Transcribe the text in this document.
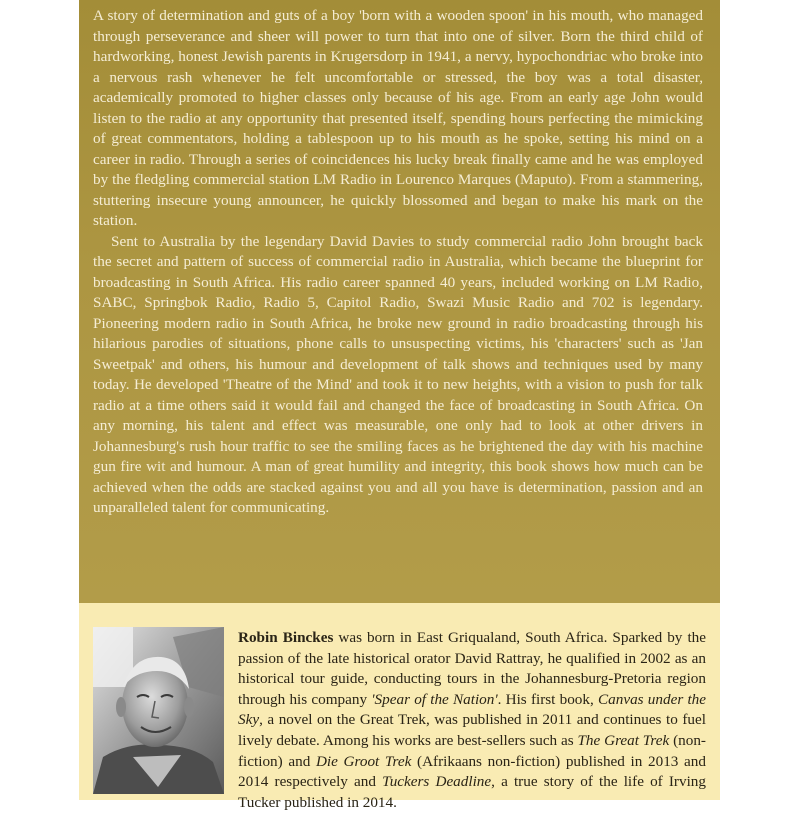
A story of determination and guts of a boy 'born with a wooden spoon' in his mouth, who managed through perseverance and sheer will power to turn that into one of silver. Born the third child of hardworking, honest Jewish parents in Krugersdorp in 1941, a nervy, hypochondriac who broke into a nervous rash whenever he felt uncomfortable or stressed, the boy was a total disaster, academically promoted to higher classes only because of his age. From an early age John would listen to the radio at any opportunity that presented itself, spending hours perfecting the mimicking of great commentators, holding a tablespoon up to his mouth as he spoke, setting his mind on a career in radio. Through a series of coincidences his lucky break finally came and he was employed by the fledgling commercial station LM Radio in Lourenco Marques (Maputo). From a stammering, stuttering insecure young announcer, he quickly blossomed and began to make his mark on the station.

Sent to Australia by the legendary David Davies to study commercial radio John brought back the secret and pattern of success of commercial radio in Australia, which became the blueprint for broadcasting in South Africa. His radio career spanned 40 years, included working on LM Radio, SABC, Springbok Radio, Radio 5, Capitol Radio, Swazi Music Radio and 702 is legendary. Pioneering modern radio in South Africa, he broke new ground in radio broadcasting through his hilarious parodies of situations, phone calls to unsuspecting victims, his 'characters' such as 'Jan Sweetpak' and others, his humour and development of talk shows and techniques used by many today. He developed 'Theatre of the Mind' and took it to new heights, with a vision to push for talk radio at a time others said it would fail and changed the face of broadcasting in South Africa. On any morning, his talent and effect was measurable, one only had to look at other drivers in Johannesburg's rush hour traffic to see the smiling faces as he brightened the day with his machine gun fire wit and humour. A man of great humility and integrity, this book shows how much can be achieved when the odds are stacked against you and all you have is determination, passion and an unparalleled talent for communicating.

Robin Binckes was born in East Griqualand, South Africa. Sparked by the passion of the late historical orator David Rattray, he qualified in 2002 as an historical tour guide, conducting tours in the Johannesburg-Pretoria region through his company 'Spear of the Nation'. His first book, Canvas under the Sky, a novel on the Great Trek, was published in 2011 and continues to fuel lively debate. Among his works are best-sellers such as The Great Trek (non-fiction) and Die Groot Trek (Afrikaans non-fiction) published in 2013 and 2014 respectively and Tuckers Deadline, a true story of the life of Irving Tucker published in 2014.
